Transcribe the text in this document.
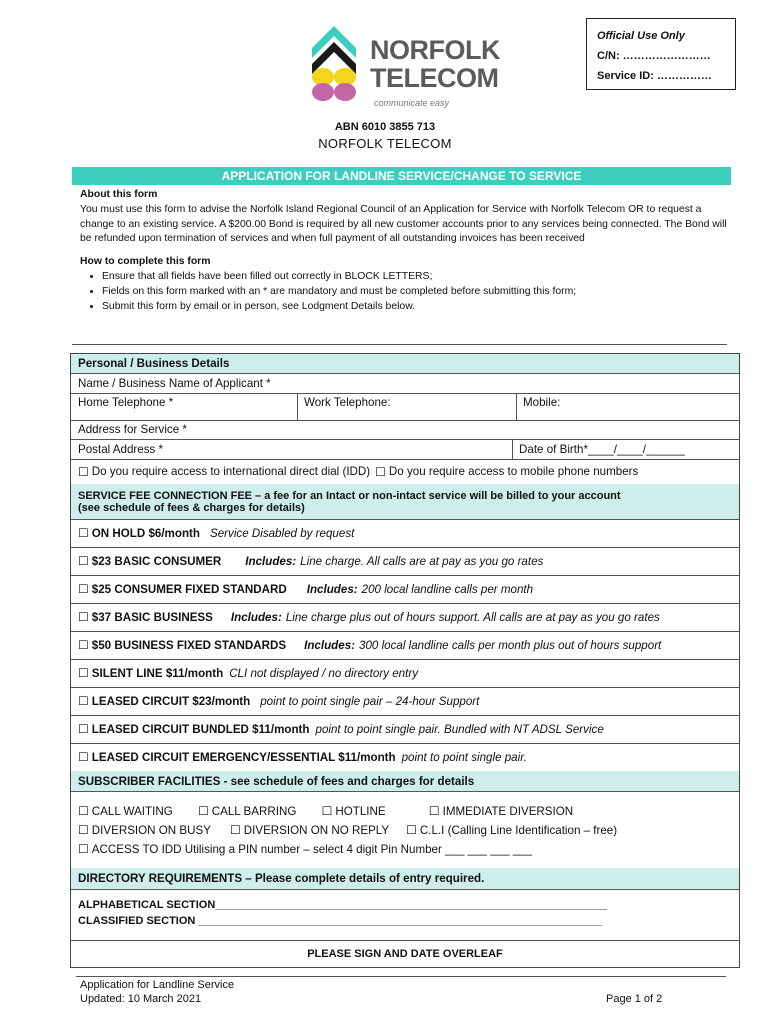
NORFOLK
TELECOM
communicate easy
Official Use Only
C/N: ……………………
Service ID: ……………
ABN 6010 3855 713
NORFOLK TELECOM
APPLICATION FOR LANDLINE SERVICE/CHANGE TO SERVICE
About this form
You must use this form to advise the Norfolk Island Regional Council of an Application for Service with Norfolk Telecom OR to request a change to an existing service. A $200.00 Bond is required by all new customer accounts prior to any services being connected. The Bond will be refunded upon termination of services and when full payment of all outstanding invoices has been received
How to complete this form
• Ensure that all fields have been filled out correctly in BLOCK LETTERS;
• Fields on this form marked with an * are mandatory and must be completed before submitting this form;
• Submit this form by email or in person, see Lodgment Details below.
Personal / Business Details
Name / Business Name of Applicant *
Home Telephone *	Work Telephone:	Mobile:
Address for Service *
Postal Address *	Date of Birth*____/____/______
☐ Do you require access to international direct dial (IDD) ☐ Do you require access to mobile phone numbers
SERVICE FEE CONNECTION FEE – a fee for an Intact or non-intact service will be billed to your account
(see schedule of fees & charges for details)
☐ ON HOLD $6/month Service Disabled by request
☐ $23 BASIC CONSUMER Includes: Line charge. All calls are at pay as you go rates
☐ $25 CONSUMER FIXED STANDARD Includes: 200 local landline calls per month
☐ $37 BASIC BUSINESS Includes: Line charge plus out of hours support. All calls are at pay as you go rates
☐ $50 BUSINESS FIXED STANDARDS Includes: 300 local landline calls per month plus out of hours support
☐ SILENT LINE $11/month CLI not displayed / no directory entry
☐ LEASED CIRCUIT $23/month point to point single pair – 24-hour Support
☐ LEASED CIRCUIT BUNDLED $11/month point to point single pair. Bundled with NT ADSL Service
☐ LEASED CIRCUIT EMERGENCY/ESSENTIAL $11/month point to point single pair.
SUBSCRIBER FACILITIES - see schedule of fees and charges for details
☐ CALL WAITING ☐ CALL BARRING ☐ HOTLINE	☐ IMMEDIATE DIVERSION
☐ DIVERSION ON BUSY ☐ DIVERSION ON NO REPLY ☐ C.L.I (Calling Line Identification – free)
☐ ACCESS TO IDD Utilising a PIN number – select 4 digit Pin Number ___ ___ ___ ___
DIRECTORY REQUIREMENTS – Please complete details of entry required.
ALPHABETICAL SECTION________________________________________________________________
CLASSIFIED SECTION __________________________________________________________________
PLEASE SIGN AND DATE OVERLEAF
Application for Landline Service
Updated: 10 March 2021	Page 1 of 2
